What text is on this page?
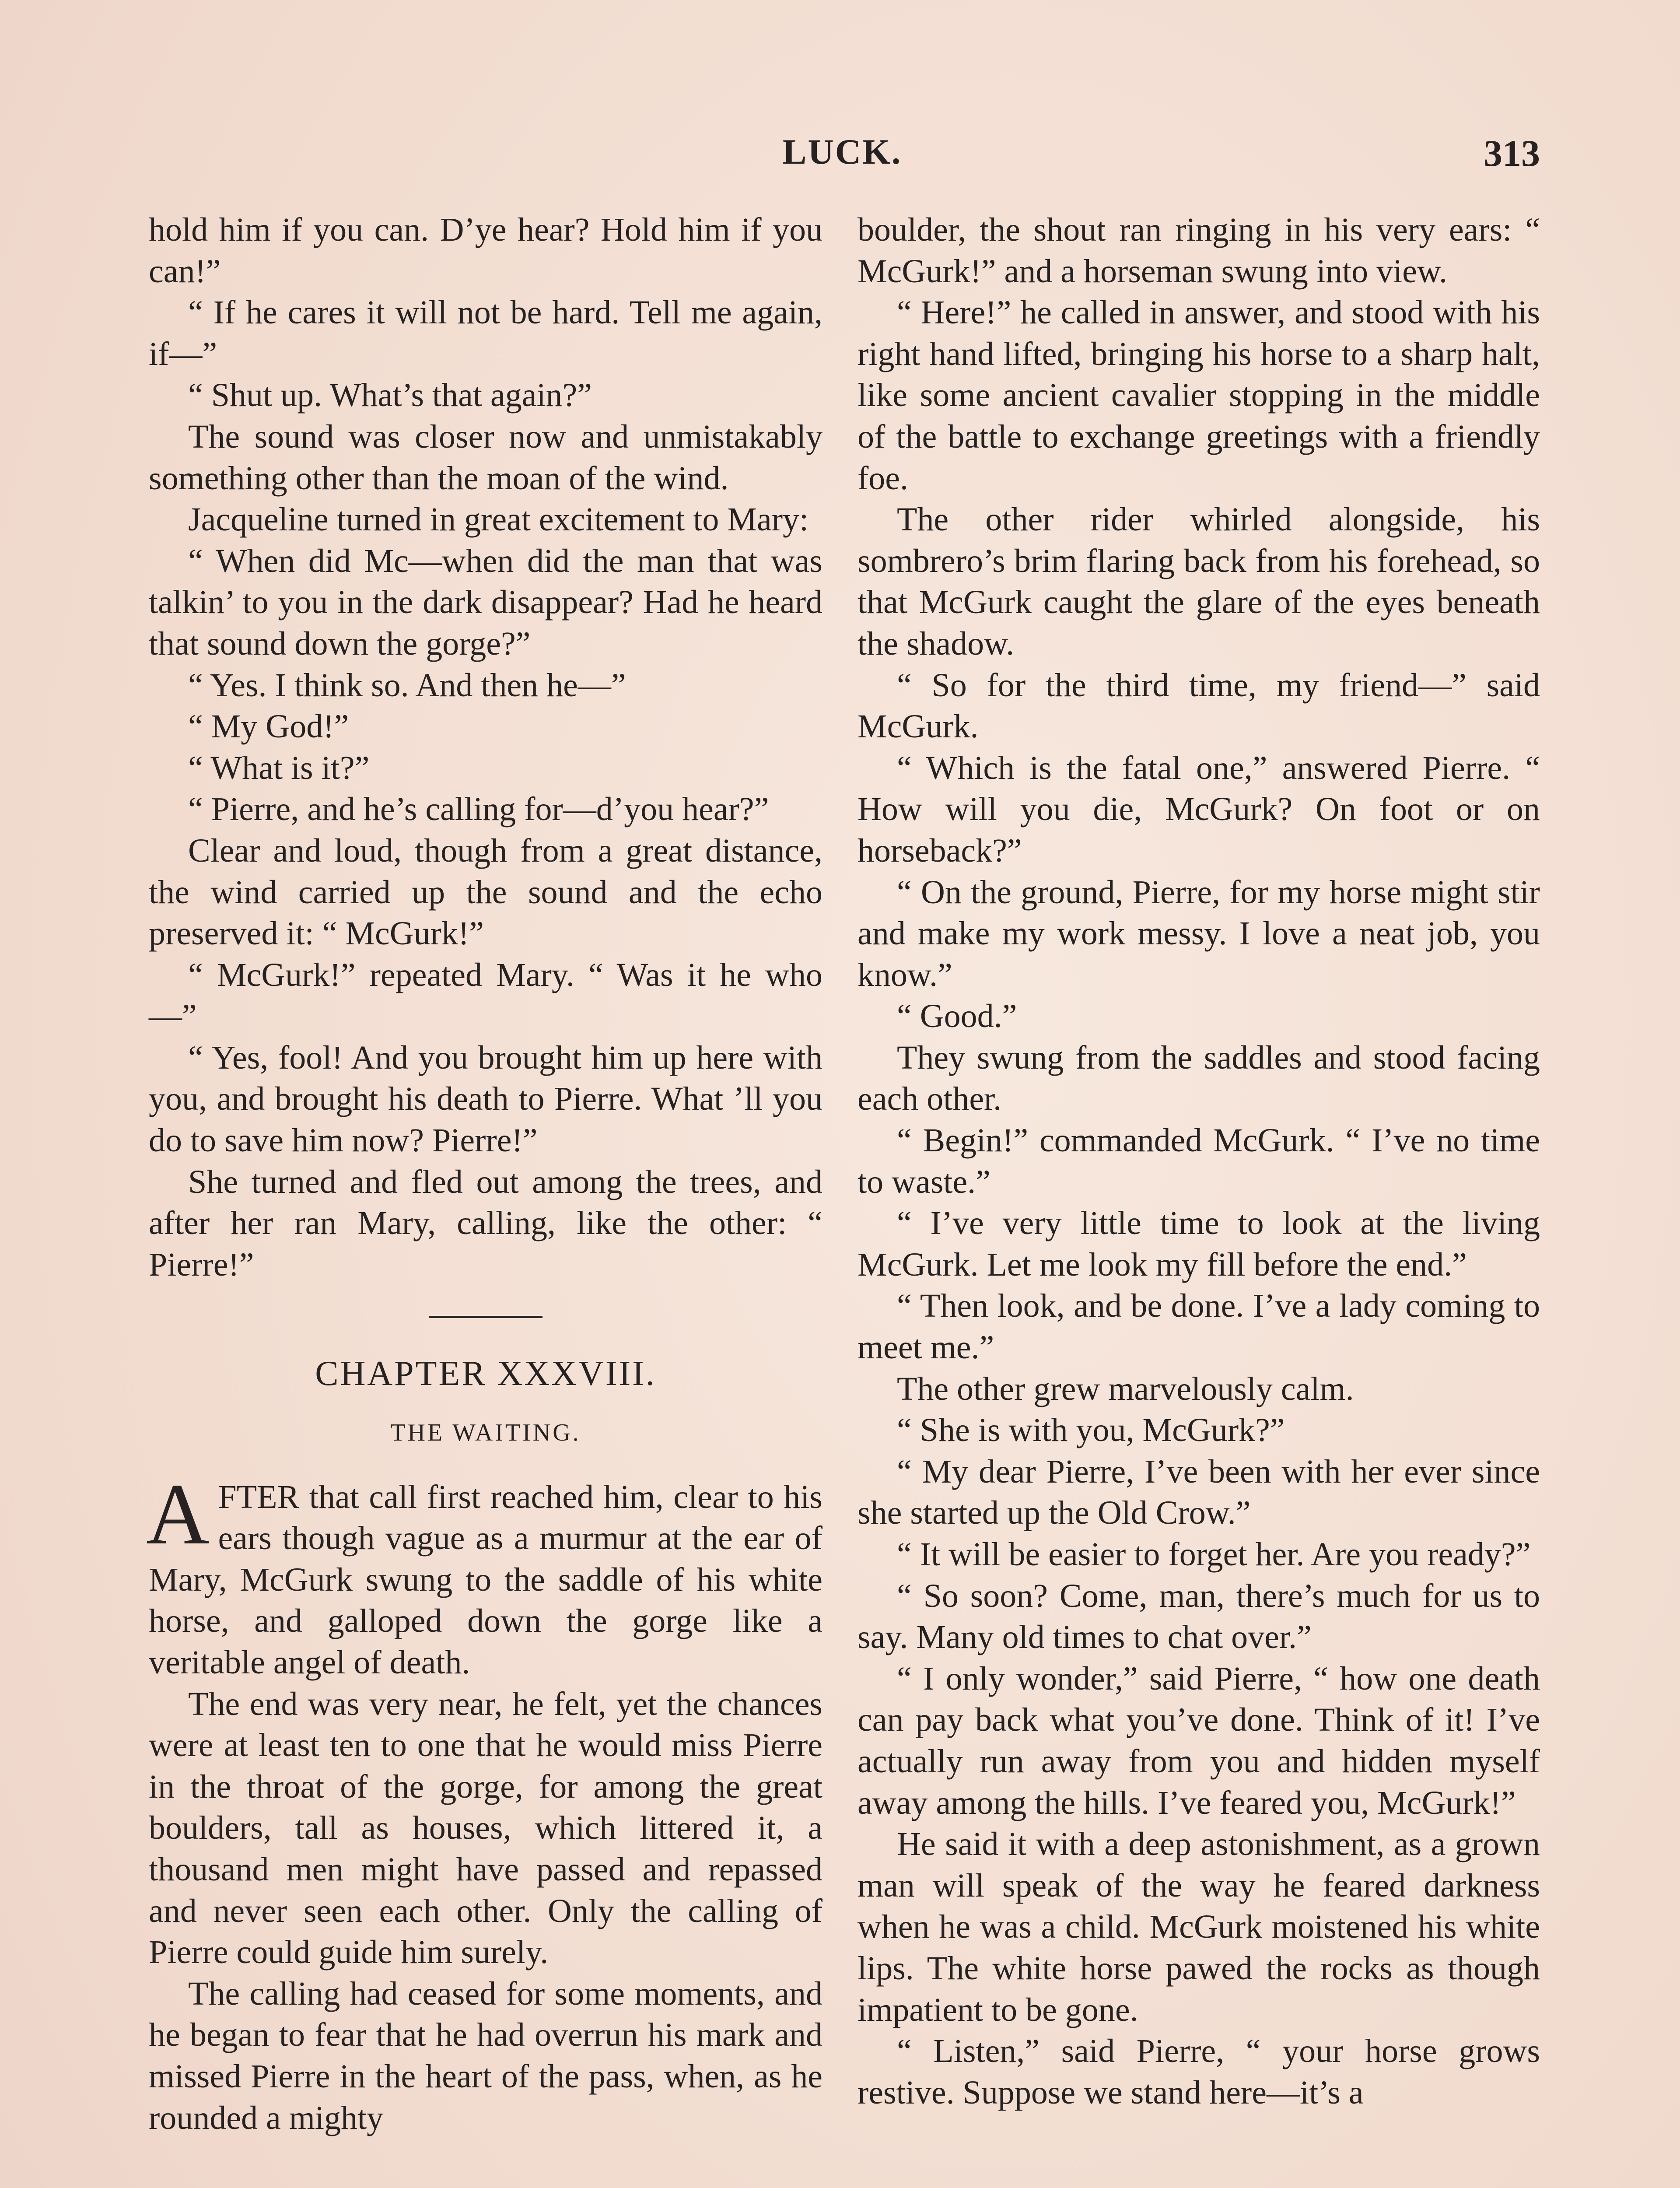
LUCK.	313

hold him if you can. D’ye hear? Hold him if you can!”

“ If he cares it will not be hard. Tell me again, if—”

“ Shut up. What’s that again?”

The sound was closer now and unmistakably something other than the moan of the wind.

Jacqueline turned in great excitement to Mary:

“ When did Mc—when did the man that was talkin’ to you in the dark disappear? Had he heard that sound down the gorge?”

“ Yes. I think so. And then he—”

“ My God!”

“ What is it?”

“ Pierre, and he’s calling for—d’you hear?”

Clear and loud, though from a great distance, the wind carried up the sound and the echo preserved it: “ McGurk!”

“ McGurk!” repeated Mary. “ Was it he who—”

“ Yes, fool! And you brought him up here with you, and brought his death to Pierre. What ’ll you do to save him now? Pierre!”

She turned and fled out among the trees, and after her ran Mary, calling, like the other: “ Pierre!”

CHAPTER XXXVIII.

THE WAITING.

AFTER that call first reached him, clear to his ears though vague as a murmur at the ear of Mary, McGurk swung to the saddle of his white horse, and galloped down the gorge like a veritable angel of death.

The end was very near, he felt, yet the chances were at least ten to one that he would miss Pierre in the throat of the gorge, for among the great boulders, tall as houses, which littered it, a thousand men might have passed and repassed and never seen each other. Only the calling of Pierre could guide him surely.

The calling had ceased for some moments, and he began to fear that he had overrun his mark and missed Pierre in the heart of the pass, when, as he rounded a mighty

boulder, the shout ran ringing in his very ears: “ McGurk!” and a horseman swung into view.

“ Here!” he called in answer, and stood with his right hand lifted, bringing his horse to a sharp halt, like some ancient cavalier stopping in the middle of the battle to exchange greetings with a friendly foe.

The other rider whirled alongside, his sombrero’s brim flaring back from his forehead, so that McGurk caught the glare of the eyes beneath the shadow.

“ So for the third time, my friend—” said McGurk.

“ Which is the fatal one,” answered Pierre. “ How will you die, McGurk? On foot or on horseback?”

“ On the ground, Pierre, for my horse might stir and make my work messy. I love a neat job, you know.”

“ Good.”

They swung from the saddles and stood facing each other.

“ Begin!” commanded McGurk. “ I’ve no time to waste.”

“ I’ve very little time to look at the living McGurk. Let me look my fill before the end.”

“ Then look, and be done. I’ve a lady coming to meet me.”

The other grew marvelously calm.

“ She is with you, McGurk?”

“ My dear Pierre, I’ve been with her ever since she started up the Old Crow.”

“ It will be easier to forget her. Are you ready?”

“ So soon? Come, man, there’s much for us to say. Many old times to chat over.”

“ I only wonder,” said Pierre, “ how one death can pay back what you’ve done. Think of it! I’ve actually run away from you and hidden myself away among the hills. I’ve feared you, McGurk!”

He said it with a deep astonishment, as a grown man will speak of the way he feared darkness when he was a child. McGurk moistened his white lips. The white horse pawed the rocks as though impatient to be gone.

“ Listen,” said Pierre, “ your horse grows restive. Suppose we stand here—it’s a
